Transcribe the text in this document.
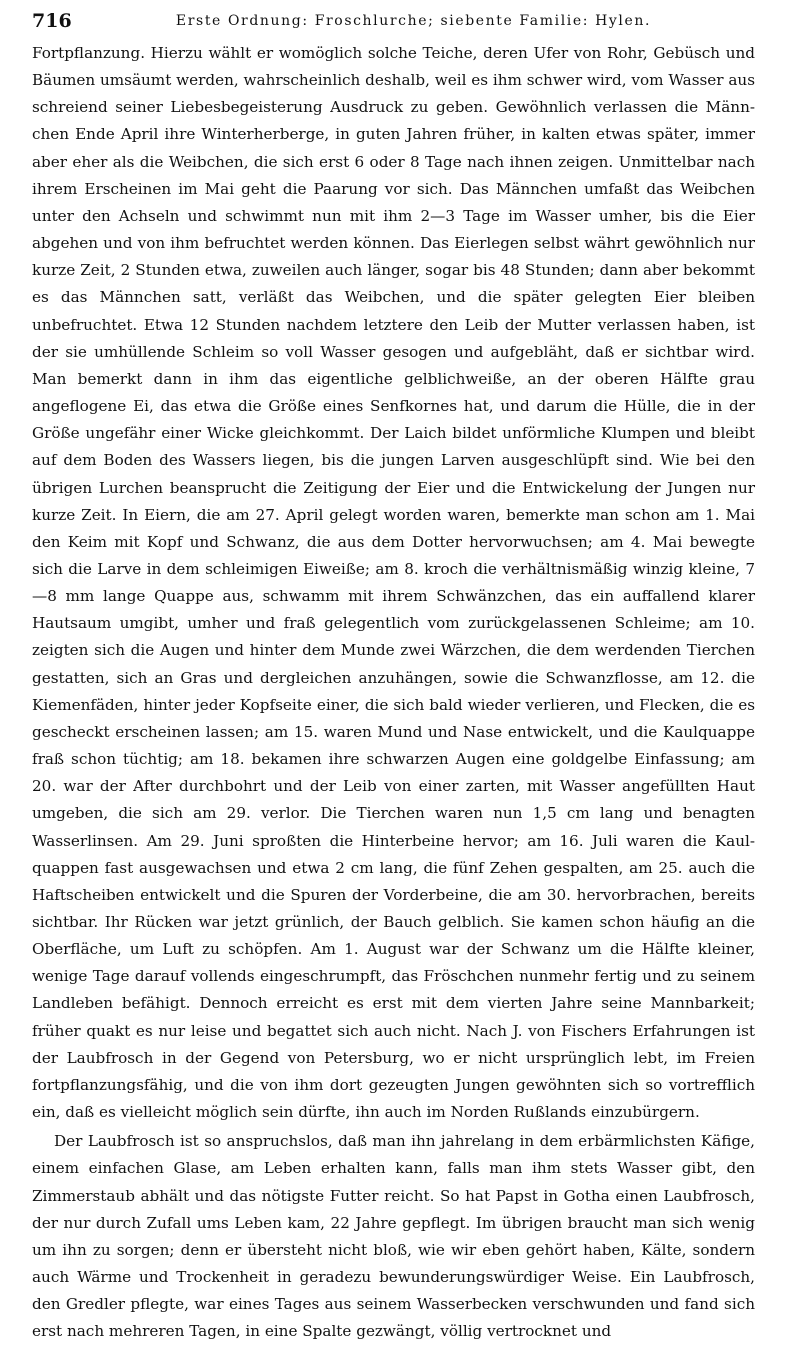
716	Erste Ordnung: Froschlurche; siebente Familie: Hylen.

Fortpflanzung. Hierzu wählt er womöglich solche Teiche, deren Ufer von Rohr, Gebüsch und Bäumen umsäumt werden, wahrscheinlich deshalb, weil es ihm schwer wird, vom Wasser aus schreiend seiner Liebesbegeisterung Ausdruck zu geben. Gewöhnlich verlassen die Männchen Ende April ihre Winterherberge, in guten Jahren früher, in kalten etwas später, immer aber eher als die Weibchen, die sich erst 6 oder 8 Tage nach ihnen zeigen. Unmittelbar nach ihrem Erscheinen im Mai geht die Paarung vor sich. Das Männchen umfaßt das Weibchen unter den Achseln und schwimmt nun mit ihm 2—3 Tage im Wasser umher, bis die Eier abgehen und von ihm befruchtet werden können. Das Eierlegen selbst währt gewöhnlich nur kurze Zeit, 2 Stunden etwa, zuweilen auch länger, sogar bis 48 Stunden; dann aber bekommt es das Männchen satt, verläßt das Weibchen, und die später gelegten Eier bleiben unbefruchtet. Etwa 12 Stunden nachdem letztere den Leib der Mutter verlassen haben, ist der sie umhüllende Schleim so voll Wasser gesogen und aufgebläht, daß er sichtbar wird. Man bemerkt dann in ihm das eigentliche gelblichweiße, an der oberen Hälfte grau angeflogene Ei, das etwa die Größe eines Senfkornes hat, und darum die Hülle, die in der Größe ungefähr einer Wicke gleichkommt. Der Laich bildet unförmliche Klumpen und bleibt auf dem Boden des Wassers liegen, bis die jungen Larven ausgeschlüpft sind. Wie bei den übrigen Lurchen beansprucht die Zeitigung der Eier und die Entwickelung der Jungen nur kurze Zeit. In Eiern, die am 27. April gelegt worden waren, bemerkte man schon am 1. Mai den Keim mit Kopf und Schwanz, die aus dem Dotter hervorwuchsen; am 4. Mai bewegte sich die Larve in dem schleimigen Eiweiße; am 8. kroch die verhältnismäßig winzig kleine, 7—8 mm lange Quappe aus, schwamm mit ihrem Schwänzchen, das ein auffallend klarer Hautsaum umgibt, umher und fraß gelegentlich vom zurückgelassenen Schleime; am 10. zeigten sich die Augen und hinter dem Munde zwei Wärzchen, die dem werdenden Tierchen gestatten, sich an Gras und dergleichen anzuhängen, sowie die Schwanzflosse, am 12. die Kiemenfäden, hinter jeder Kopfseite einer, die sich bald wieder verlieren, und Flecken, die es gescheckt erscheinen lassen; am 15. waren Mund und Nase entwickelt, und die Kaulquappe fraß schon tüchtig; am 18. bekamen ihre schwarzen Augen eine goldgelbe Einfassung; am 20. war der After durchbohrt und der Leib von einer zarten, mit Wasser angefüllten Haut umgeben, die sich am 29. verlor. Die Tierchen waren nun 1,5 cm lang und benagten Wasserlinsen. Am 29. Juni sproßten die Hinterbeine hervor; am 16. Juli waren die Kaulquappen fast ausgewachsen und etwa 2 cm lang, die fünf Zehen gespalten, am 25. auch die Haftscheiben entwickelt und die Spuren der Vorderbeine, die am 30. hervorbrachen, bereits sichtbar. Ihr Rücken war jetzt grünlich, der Bauch gelblich. Sie kamen schon häufig an die Oberfläche, um Luft zu schöpfen. Am 1. August war der Schwanz um die Hälfte kleiner, wenige Tage darauf vollends eingeschrumpft, das Fröschchen nunmehr fertig und zu seinem Landleben befähigt. Dennoch erreicht es erst mit dem vierten Jahre seine Mannbarkeit; früher quakt es nur leise und begattet sich auch nicht. Nach J. von Fischers Erfahrungen ist der Laubfrosch in der Gegend von Petersburg, wo er nicht ursprünglich lebt, im Freien fortpflanzungsfähig, und die von ihm dort gezeugten Jungen gewöhnten sich so vortrefflich ein, daß es vielleicht möglich sein dürfte, ihn auch im Norden Rußlands einzubürgern.

Der Laubfrosch ist so anspruchslos, daß man ihn jahrelang in dem erbärmlichsten Käfige, einem einfachen Glase, am Leben erhalten kann, falls man ihm stets Wasser gibt, den Zimmerstaub abhält und das nötigste Futter reicht. So hat Papst in Gotha einen Laubfrosch, der nur durch Zufall ums Leben kam, 22 Jahre gepflegt. Im übrigen braucht man sich wenig um ihn zu sorgen; denn er übersteht nicht bloß, wie wir eben gehört haben, Kälte, sondern auch Wärme und Trockenheit in geradezu bewunderungswürdiger Weise. Ein Laubfrosch, den Gredler pflegte, war eines Tages aus seinem Wasserbecken verschwunden und fand sich erst nach mehreren Tagen, in eine Spalte gezwängt, völlig vertrocknet und
